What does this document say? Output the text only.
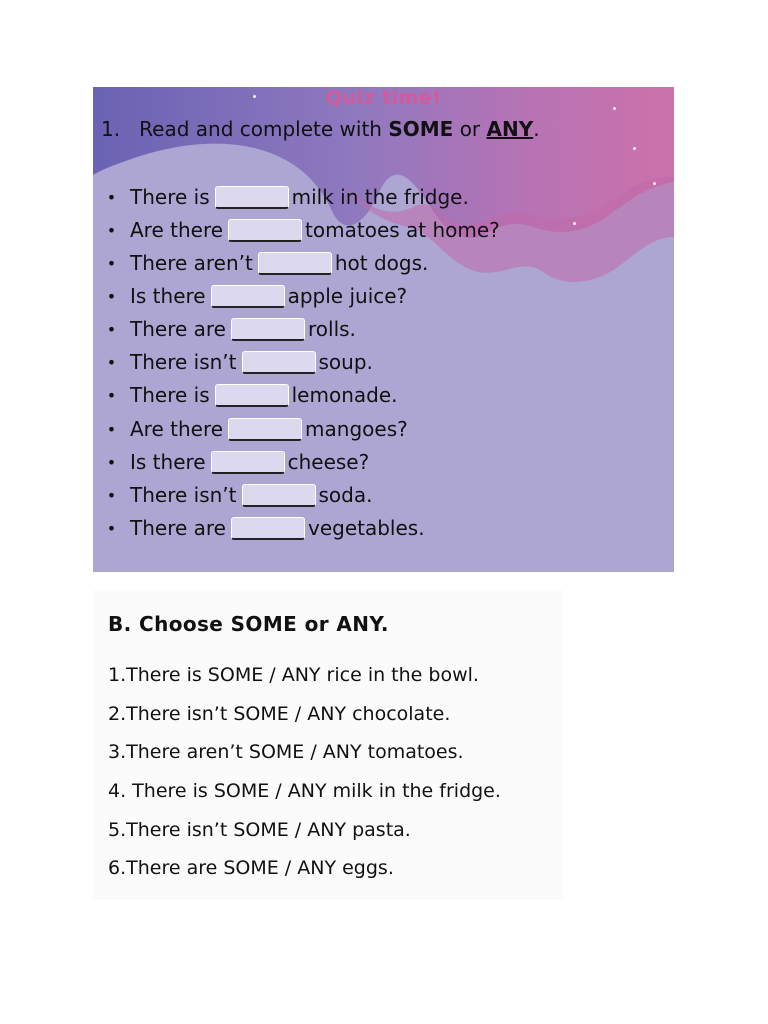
Quiz time!
1. Read and complete with SOME or ANY.
• There is	milk in the fridge.
• Are there	tomatoes at home?
• There aren’t	hot dogs.
• Is there	apple juice?
• There are	rolls.
• There isn’t	soup.
• There is	lemonade.
• Are there	mangoes?
• Is there	cheese?
• There isn’t	soda.
• There are	vegetables.
B. Choose SOME or ANY.
1.There is SOME / ANY rice in the bowl.
2.There isn’t SOME / ANY chocolate.
3.There aren’t SOME / ANY tomatoes.
4. There is SOME / ANY milk in the fridge.
5.There isn’t SOME / ANY pasta.
6.There are SOME / ANY eggs.
